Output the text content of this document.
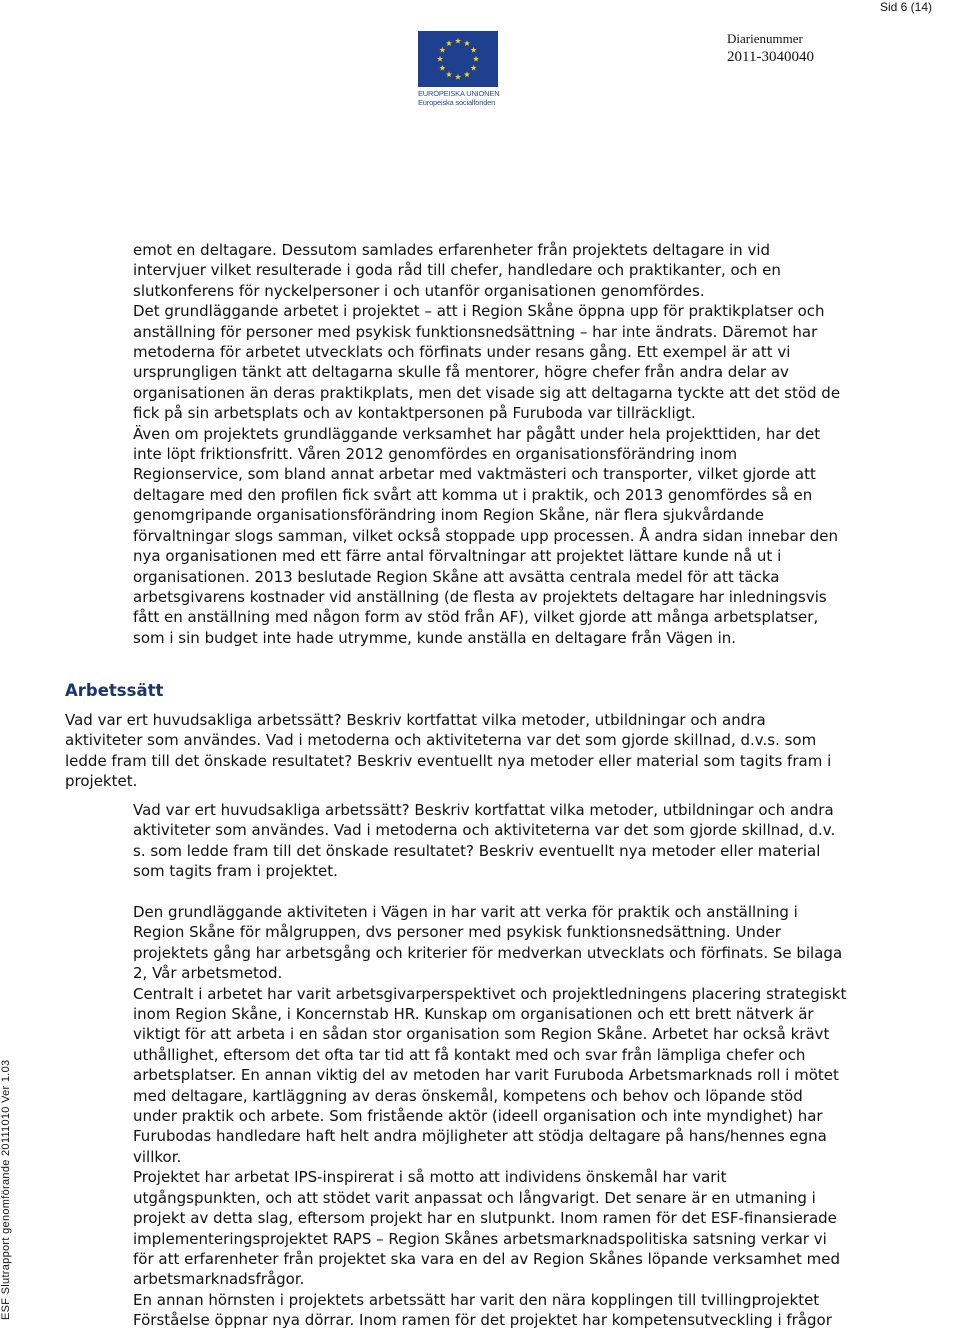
Sid 6 (14)
EUROPEISKA UNIONEN
Europeiska socialfonden
Diarienummer
2011-3040040
emot en deltagare. Dessutom samlades erfarenheter från projektets deltagare in vid
intervjuer vilket resulterade i goda råd till chefer, handledare och praktikanter, och en
slutkonferens för nyckelpersoner i och utanför organisationen genomfördes.
Det grundläggande arbetet i projektet – att i Region Skåne öppna upp för praktikplatser och
anställning för personer med psykisk funktionsnedsättning – har inte ändrats. Däremot har
metoderna för arbetet utvecklats och förfinats under resans gång. Ett exempel är att vi
ursprungligen tänkt att deltagarna skulle få mentorer, högre chefer från andra delar av
organisationen än deras praktikplats, men det visade sig att deltagarna tyckte att det stöd de
fick på sin arbetsplats och av kontaktpersonen på Furuboda var tillräckligt.
Även om projektets grundläggande verksamhet har pågått under hela projekttiden, har det
inte löpt friktionsfritt. Våren 2012 genomfördes en organisationsförändring inom
Regionservice, som bland annat arbetar med vaktmästeri och transporter, vilket gjorde att
deltagare med den profilen fick svårt att komma ut i praktik, och 2013 genomfördes så en
genomgripande organisationsförändring inom Region Skåne, när flera sjukvårdande
förvaltningar slogs samman, vilket också stoppade upp processen. Å andra sidan innebar den
nya organisationen med ett färre antal förvaltningar att projektet lättare kunde nå ut i
organisationen. 2013 beslutade Region Skåne att avsätta centrala medel för att täcka
arbetsgivarens kostnader vid anställning (de flesta av projektets deltagare har inledningsvis
fått en anställning med någon form av stöd från AF), vilket gjorde att många arbetsplatser,
som i sin budget inte hade utrymme, kunde anställa en deltagare från Vägen in.
Arbetssätt
Vad var ert huvudsakliga arbetssätt? Beskriv kortfattat vilka metoder, utbildningar och andra
aktiviteter som användes. Vad i metoderna och aktiviteterna var det som gjorde skillnad, d.v.s. som
ledde fram till det önskade resultatet? Beskriv eventuellt nya metoder eller material som tagits fram i
projektet.
Vad var ert huvudsakliga arbetssätt? Beskriv kortfattat vilka metoder, utbildningar och andra
aktiviteter som användes. Vad i metoderna och aktiviteterna var det som gjorde skillnad, d.v.
s. som ledde fram till det önskade resultatet? Beskriv eventuellt nya metoder eller material
som tagits fram i projektet.
Den grundläggande aktiviteten i Vägen in har varit att verka för praktik och anställning i
Region Skåne för målgruppen, dvs personer med psykisk funktionsnedsättning. Under
projektets gång har arbetsgång och kriterier för medverkan utvecklats och förfinats. Se bilaga
2, Vår arbetsmetod.
Centralt i arbetet har varit arbetsgivarperspektivet och projektledningens placering strategiskt
inom Region Skåne, i Koncernstab HR. Kunskap om organisationen och ett brett nätverk är
viktigt för att arbeta i en sådan stor organisation som Region Skåne. Arbetet har också krävt
uthållighet, eftersom det ofta tar tid att få kontakt med och svar från lämpliga chefer och
arbetsplatser. En annan viktig del av metoden har varit Furuboda Arbetsmarknads roll i mötet
med deltagare, kartläggning av deras önskemål, kompetens och behov och löpande stöd
under praktik och arbete. Som fristående aktör (ideell organisation och inte myndighet) har
Furubodas handledare haft helt andra möjligheter att stödja deltagare på hans/hennes egna
villkor.
Projektet har arbetat IPS-inspirerat i så motto att individens önskemål har varit
utgångspunkten, och att stödet varit anpassat och långvarigt. Det senare är en utmaning i
projekt av detta slag, eftersom projekt har en slutpunkt. Inom ramen för det ESF-finansierade
implementeringsprojektet RAPS – Region Skånes arbetsmarknadspolitiska satsning verkar vi
för att erfarenheter från projektet ska vara en del av Region Skånes löpande verksamhet med
arbetsmarknadsfrågor.
En annan hörnsten i projektets arbetssätt har varit den nära kopplingen till tvillingprojektet
Förståelse öppnar nya dörrar. Inom ramen för det projektet har kompetensutveckling i frågor
ESF Slutrapport genomförande 20111010 Ver 1.03
